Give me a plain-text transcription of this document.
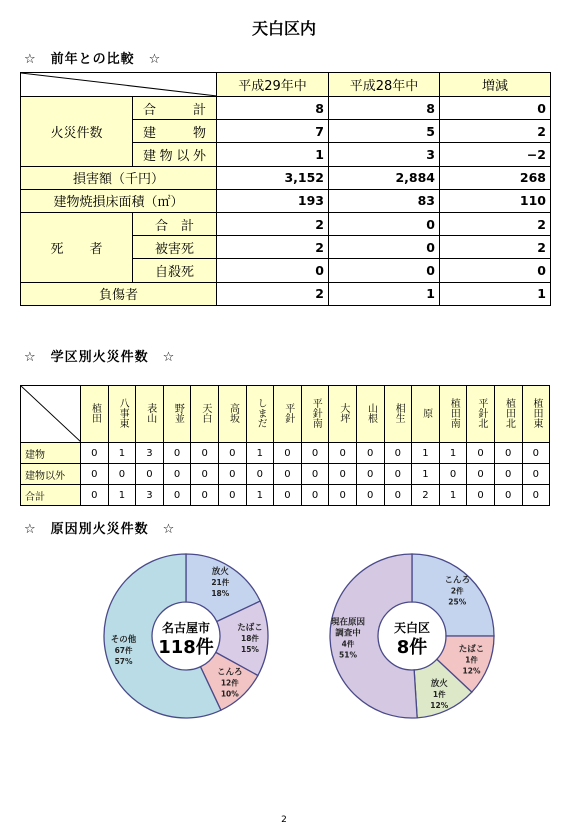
天白区内
☆　前年との比較　☆
	平成29年中	平成28年中	増減
火災件数	合　　計	8	8	0
	建　　物	7	5	2
	建物以外	1	3	−2
損害額（千円）		3,152	2,884	268
建物焼損床面積（㎡）		193	83	110
死　　者	合　計	2	0	2
	被害死	2	0	2
	自殺死	0	0	0
負傷者		2	1	1
☆　学区別火災件数　☆
	植田	八事東	表山	野並	天白	高坂	しまだ	平針	平針南	大坪	山根	相生	原	植田南	平針北	植田北	植田東
建物	0	1	3	0	0	0	1	0	0	0	0	0	1	1	0	0	0
建物以外	0	0	0	0	0	0	0	0	0	0	0	0	1	0	0	0	0
合計	0	1	3	0	0	0	1	0	0	0	0	0	2	1	0	0	0
☆　原因別火災件数　☆
放火
21件
18%
たばこ
18件
15%
こんろ
12件
10%
その他
67件
57%
名古屋市
118件
こんろ
2件
25%
たばこ
1件
12%
放火
1件
12%
現在原因
調査中
4件
51%
天白区
8件
2
